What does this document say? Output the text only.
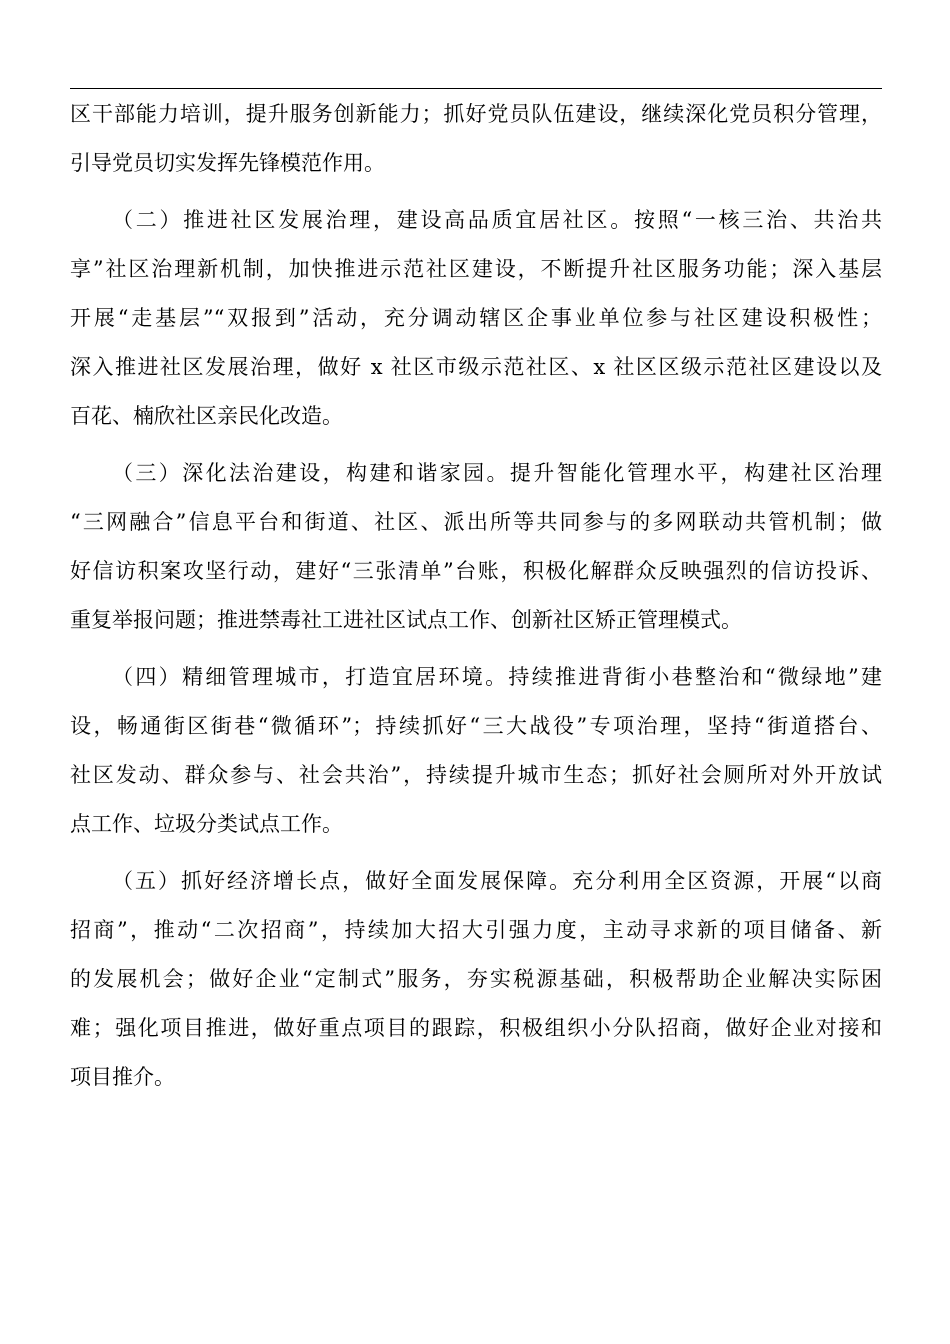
区干部能力培训，提升服务创新能力；抓好党员队伍建设，继续深化党员积分管理，
引导党员切实发挥先锋模范作用。
（二）推进社区发展治理，建设高品质宜居社区。按照“一核三治、共治共
享”社区治理新机制，加快推进示范社区建设，不断提升社区服务功能；深入基层
开展“走基层”“双报到”活动，充分调动辖区企事业单位参与社区建设积极性；
深入推进社区发展治理，做好 x 社区市级示范社区、x 社区区级示范社区建设以及
百花、楠欣社区亲民化改造。
（三）深化法治建设，构建和谐家园。提升智能化管理水平，构建社区治理
“三网融合”信息平台和街道、社区、派出所等共同参与的多网联动共管机制；做
好信访积案攻坚行动，建好“三张清单”台账，积极化解群众反映强烈的信访投诉、
重复举报问题；推进禁毒社工进社区试点工作、创新社区矫正管理模式。
（四）精细管理城市，打造宜居环境。持续推进背街小巷整治和“微绿地”建
设，畅通街区街巷“微循环”；持续抓好“三大战役”专项治理，坚持“街道搭台、
社区发动、群众参与、社会共治”，持续提升城市生态；抓好社会厕所对外开放试
点工作、垃圾分类试点工作。
（五）抓好经济增长点，做好全面发展保障。充分利用全区资源，开展“以商
招商”，推动“二次招商”，持续加大招大引强力度，主动寻求新的项目储备、新
的发展机会；做好企业“定制式”服务，夯实税源基础，积极帮助企业解决实际困
难；强化项目推进，做好重点项目的跟踪，积极组织小分队招商，做好企业对接和
项目推介。
